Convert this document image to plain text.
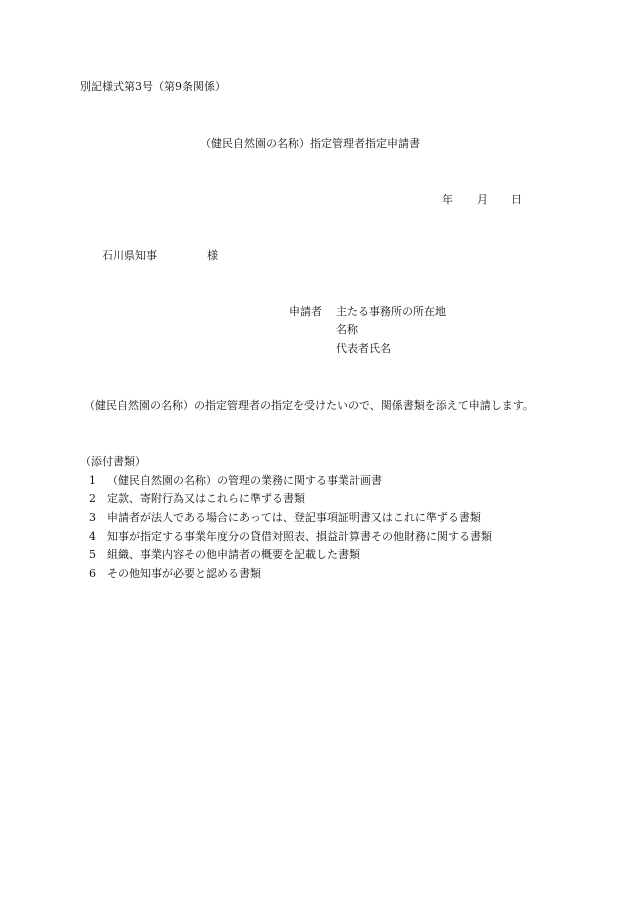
別記様式第3号（第9条関係）
（健民自然園の名称）指定管理者指定申請書
年 月 日
石川県知事	様
申請者 主たる事務所の所在地
名称
代表者氏名
（健民自然園の名称）の指定管理者の指定を受けたいので、関係書類を添えて申請します。
（添付書類）
1 （健民自然園の名称）の管理の業務に関する事業計画書
2 定款、寄附行為又はこれらに準ずる書類
3 申請者が法人である場合にあっては、登記事項証明書又はこれに準ずる書類
4 知事が指定する事業年度分の貸借対照表、損益計算書その他財務に関する書類
5 組織、事業内容その他申請者の概要を記載した書類
6 その他知事が必要と認める書類
